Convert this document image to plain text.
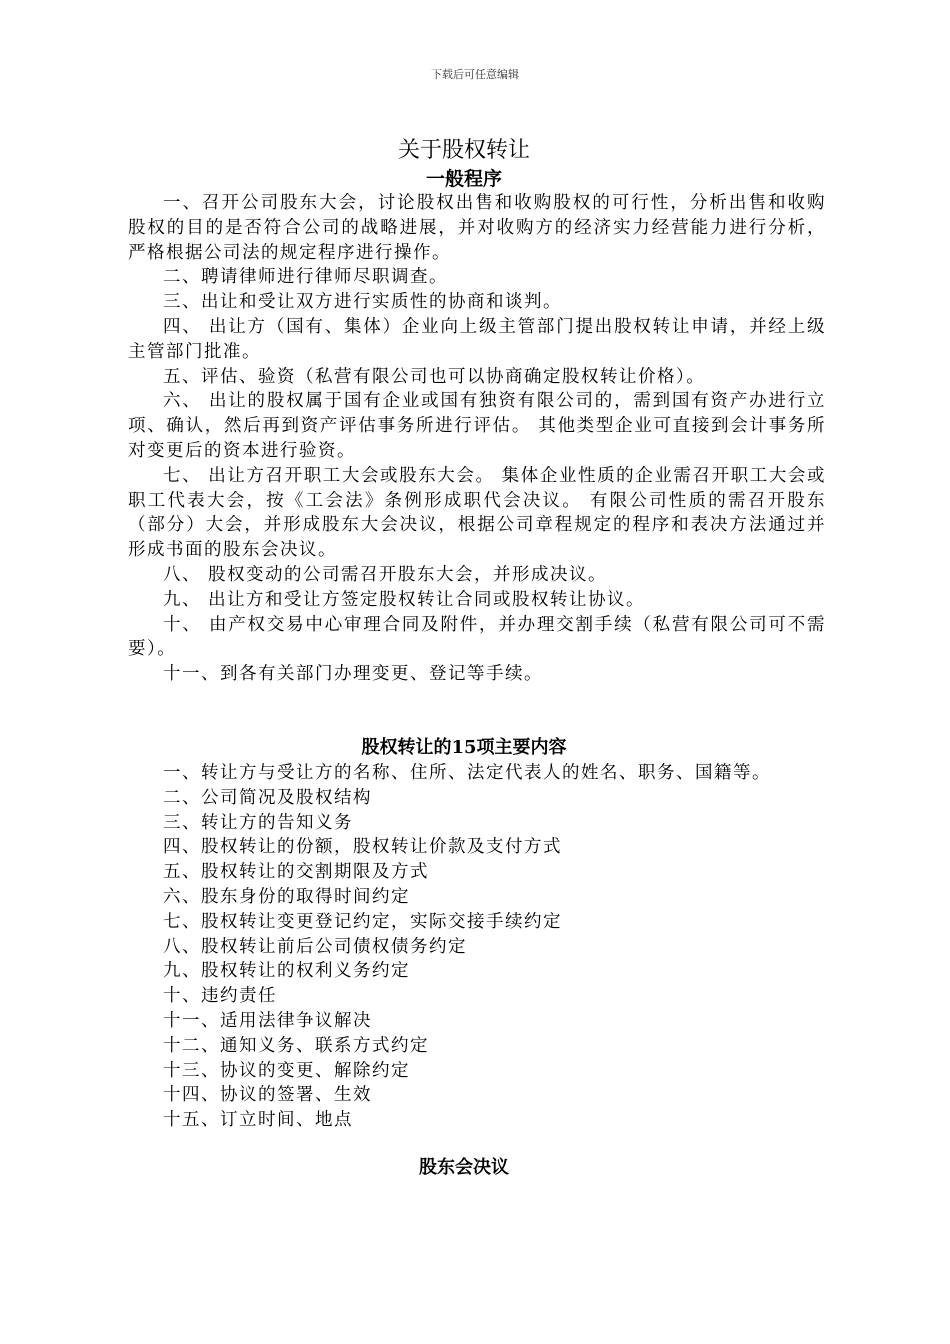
下载后可任意编辑
关于股权转让
一般程序

一、召开公司股东大会，讨论股权出售和收购股权的可行性，分析出售和收购股权的目的是否符合公司的战略进展，并对收购方的经济实力经营能力进行分析，严格根据公司法的规定程序进行操作。

二、聘请律师进行律师尽职调查。

三、出让和受让双方进行实质性的协商和谈判。

四、 出让方（国有、集体）企业向上级主管部门提出股权转让申请，并经上级主管部门批准。

五、评估、验资（私营有限公司也可以协商确定股权转让价格）。

六、 出让的股权属于国有企业或国有独资有限公司的，需到国有资产办进行立项、确认，然后再到资产评估事务所进行评估。 其他类型企业可直接到会计事务所对变更后的资本进行验资。

七、 出让方召开职工大会或股东大会。 集体企业性质的企业需召开职工大会或职工代表大会，按《工会法》条例形成职代会决议。 有限公司性质的需召开股东（部分）大会，并形成股东大会决议，根据公司章程规定的程序和表决方法通过并形成书面的股东会决议。

八、 股权变动的公司需召开股东大会，并形成决议。

九、 出让方和受让方签定股权转让合同或股权转让协议。

十、 由产权交易中心审理合同及附件，并办理交割手续（私营有限公司可不需要）。

十一、到各有关部门办理变更、登记等手续。

股权转让的15项主要内容

一、转让方与受让方的名称、住所、法定代表人的姓名、职务、国籍等。

二、公司简况及股权结构

三、转让方的告知义务

四、股权转让的份额，股权转让价款及支付方式

五、股权转让的交割期限及方式

六、股东身份的取得时间约定

七、股权转让变更登记约定，实际交接手续约定

八、股权转让前后公司债权债务约定

九、股权转让的权利义务约定

十、违约责任

十一、适用法律争议解决

十二、通知义务、联系方式约定

十三、协议的变更、解除约定

十四、协议的签署、生效

十五、订立时间、地点

股东会决议
